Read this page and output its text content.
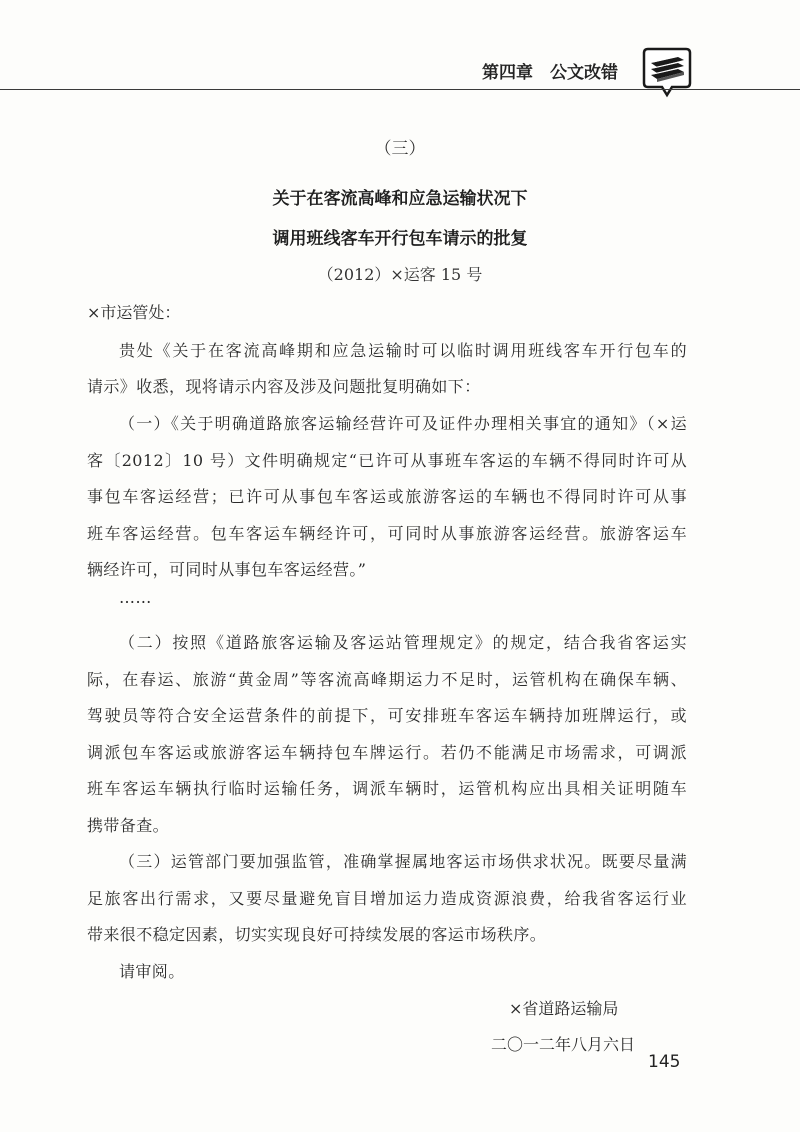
第四章　公文改错
（三）
关于在客流高峰和应急运输状况下
调用班线客车开行包车请示的批复
（2012）×运客 15 号
×市运管处：
贵处《关于在客流高峰期和应急运输时可以临时调用班线客车开行包车的
请示》收悉，现将请示内容及涉及问题批复明确如下：
（一）《关于明确道路旅客运输经营许可及证件办理相关事宜的通知》（×运
客〔2012〕10 号）文件明确规定“已许可从事班车客运的车辆不得同时许可从
事包车客运经营；已许可从事包车客运或旅游客运的车辆也不得同时许可从事
班车客运经营。包车客运车辆经许可，可同时从事旅游客运经营。旅游客运车
辆经许可，可同时从事包车客运经营。”
……
（二）按照《道路旅客运输及客运站管理规定》的规定，结合我省客运实
际，在春运、旅游“黄金周”等客流高峰期运力不足时，运管机构在确保车辆、
驾驶员等符合安全运营条件的前提下，可安排班车客运车辆持加班牌运行，或
调派包车客运或旅游客运车辆持包车牌运行。若仍不能满足市场需求，可调派
班车客运车辆执行临时运输任务，调派车辆时，运管机构应出具相关证明随车
携带备查。
（三）运管部门要加强监管，准确掌握属地客运市场供求状况。既要尽量满
足旅客出行需求，又要尽量避免盲目增加运力造成资源浪费，给我省客运行业
带来很不稳定因素，切实实现良好可持续发展的客运市场秩序。
请审阅。
×省道路运输局
二〇一二年八月六日
145
